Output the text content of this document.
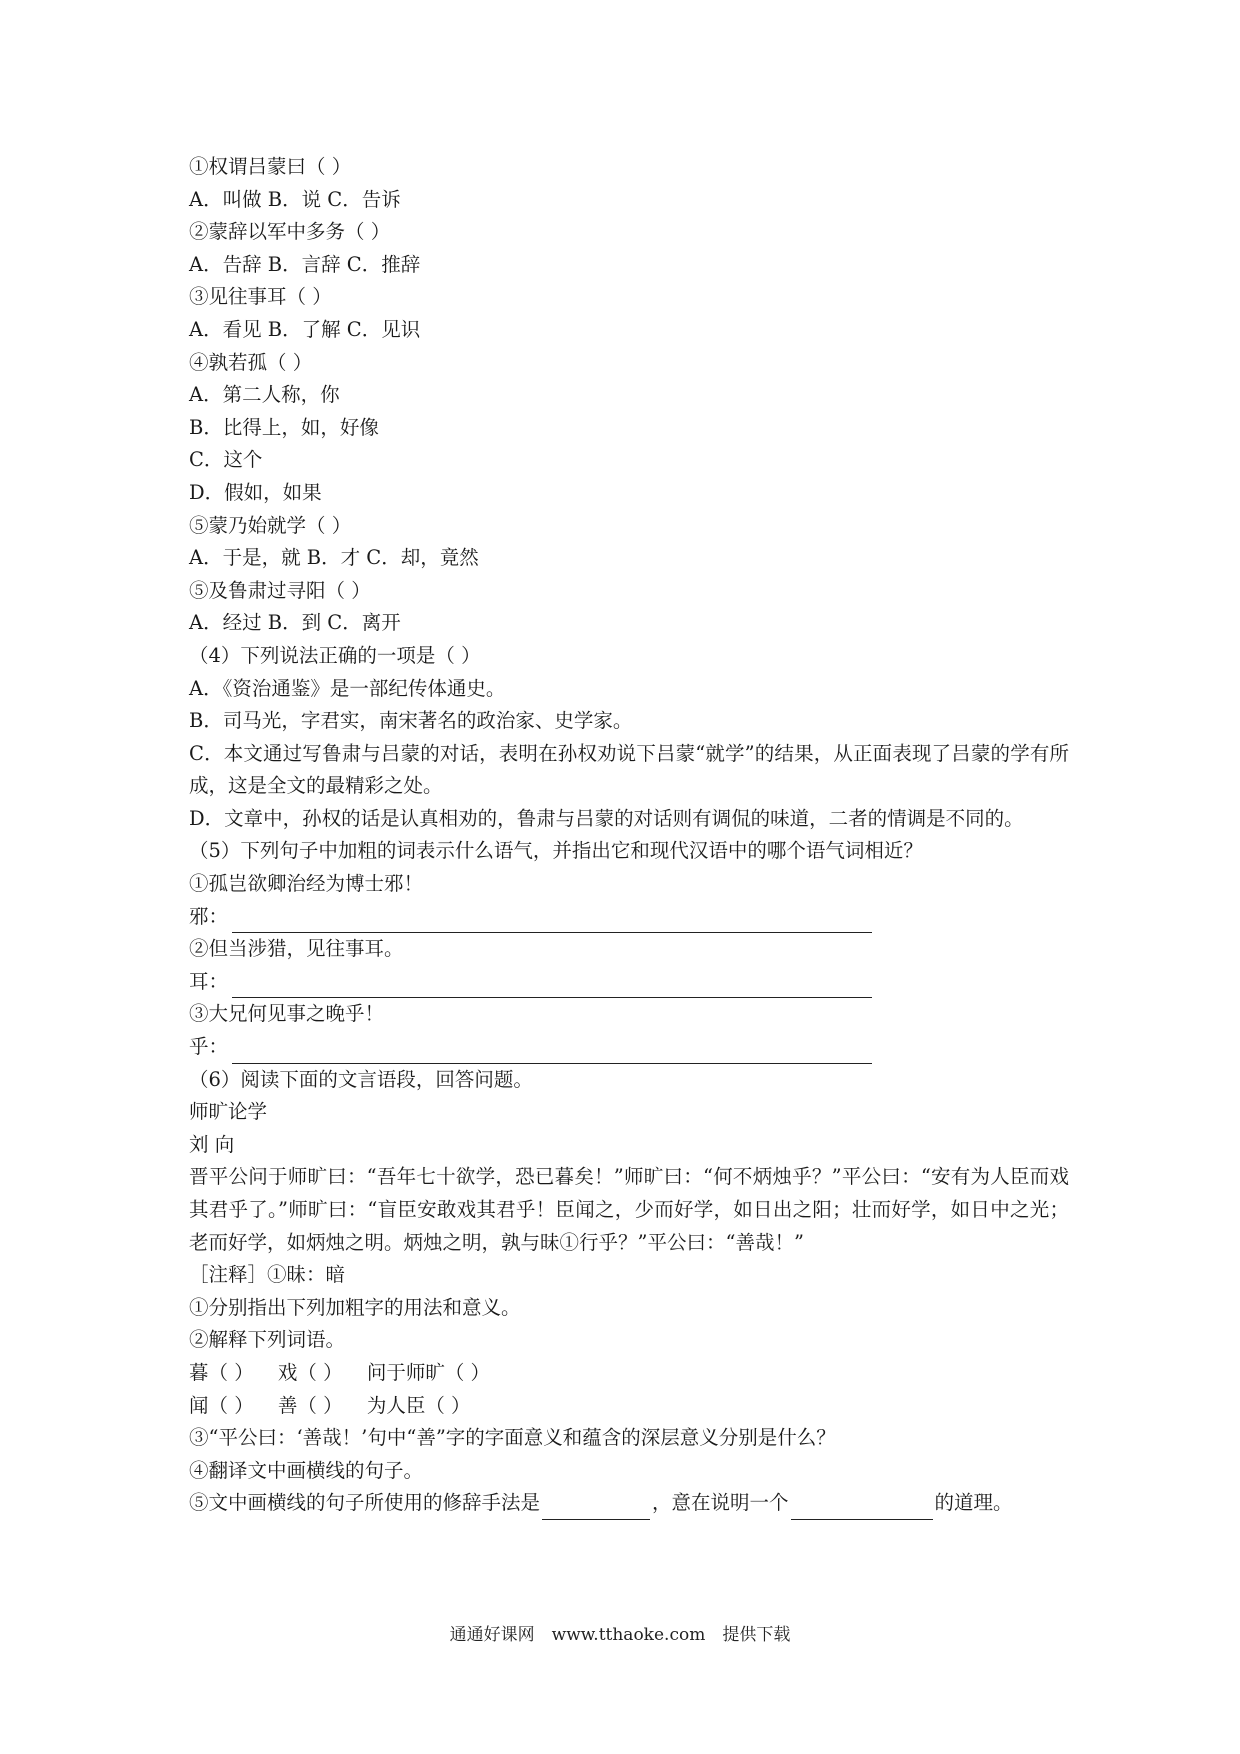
①权谓吕蒙曰（ ）
A．叫做 B．说 C．告诉
②蒙辞以军中多务（ ）
A．告辞 B．言辞 C．推辞
③见往事耳（ ）
A．看见 B．了解 C．见识
④孰若孤（ ）
A．第二人称，你
B．比得上，如，好像
C．这个
D．假如，如果
⑤蒙乃始就学（ ）
A．于是，就 B．才 C．却，竟然
⑤及鲁肃过寻阳（ ）
A．经过 B．到 C．离开
（4）下列说法正确的一项是（ ）
A．《资治通鉴》是一部纪传体通史。
B．司马光，字君实，南宋著名的政治家、史学家。
C．本文通过写鲁肃与吕蒙的对话，表明在孙权劝说下吕蒙“就学”的结果，从正面表现了吕蒙的学有所成，这是全文的最精彩之处。
D．文章中，孙权的话是认真相劝的，鲁肃与吕蒙的对话则有调侃的味道，二者的情调是不同的。
（5）下列句子中加粗的词表示什么语气，并指出它和现代汉语中的哪个语气词相近？
①孤岂欲卿治经为博士邪！
邪：
②但当涉猎，见往事耳。
耳：
③大兄何见事之晚乎！
乎：
（6）阅读下面的文言语段，回答问题。
师旷论学
刘 向
晋平公问于师旷曰：“吾年七十欲学，恐已暮矣！”师旷曰：“何不炳烛乎？”平公曰：“安有为人臣而戏其君乎了。”师旷曰：“盲臣安敢戏其君乎！臣闻之，少而好学，如日出之阳；壮而好学，如日中之光；老而好学，如炳烛之明。炳烛之明，孰与昧①行乎？”平公曰：“善哉！”
［注释］①昧：暗
①分别指出下列加粗字的用法和意义。
②解释下列词语。
暮（ ） 戏（ ） 问于师旷（ ）
闻（ ） 善（ ） 为人臣（ ）
③“平公曰：‘善哉！’句中“善”字的字面意义和蕴含的深层意义分别是什么？
④翻译文中画横线的句子。
⑤文中画横线的句子所使用的修辞手法是	，意在说明一个	的道理。
通通好课网　www.tthaoke.com　提供下载
